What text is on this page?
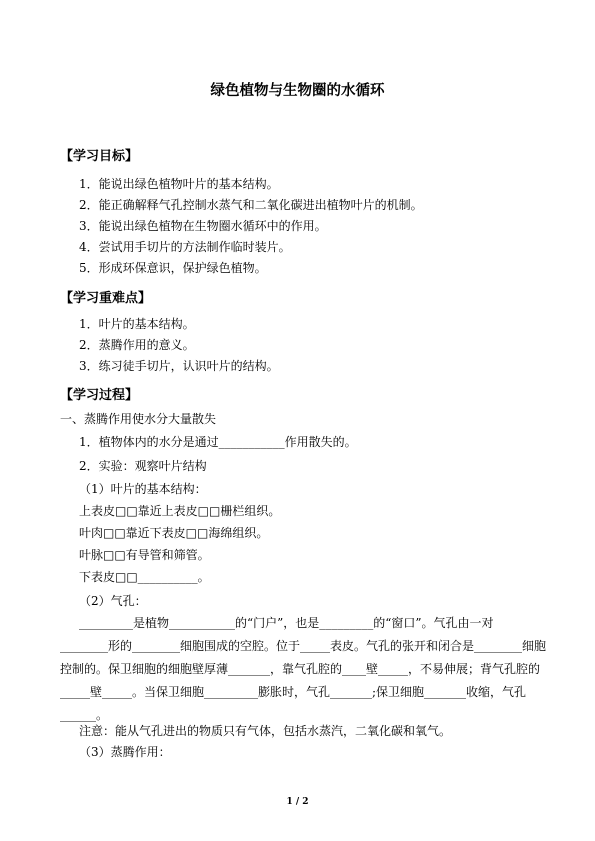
绿色植物与生物圈的水循环
【学习目标】
1．能说出绿色植物叶片的基本结构。
2．能正确解释气孔控制水蒸气和二氧化碳进出植物叶片的机制。
3．能说出绿色植物在生物圈水循环中的作用。
4．尝试用手切片的方法制作临时装片。
5．形成环保意识，保护绿色植物。
【学习重难点】
1．叶片的基本结构。
2．蒸腾作用的意义。
3．练习徒手切片，认识叶片的结构。
【学习过程】
一、蒸腾作用使水分大量散失
1．植物体内的水分是通过___________作用散失的。
2．实验：观察叶片结构
（1）叶片的基本结构：
上表皮□□靠近上表皮□□栅栏组织。
叶肉□□靠近下表皮□□海绵组织。
叶脉□□有导管和筛管。
下表皮□□__________。
（2）气孔：
_________是植物___________的“门户”，也是_________的“窗口”。气孔由一对
________形的________细胞围成的空腔。位于_____表皮。气孔的张开和闭合是________细胞
控制的。保卫细胞的细胞壁厚薄_______，靠气孔腔的____壁_____，不易伸展；背气孔腔的
_____壁_____。当保卫细胞_________膨胀时，气孔_______;保卫细胞_______收缩，气孔
______。
注意：能从气孔进出的物质只有气体，包括水蒸汽，二氧化碳和氧气。
（3）蒸腾作用：
1 / 2
